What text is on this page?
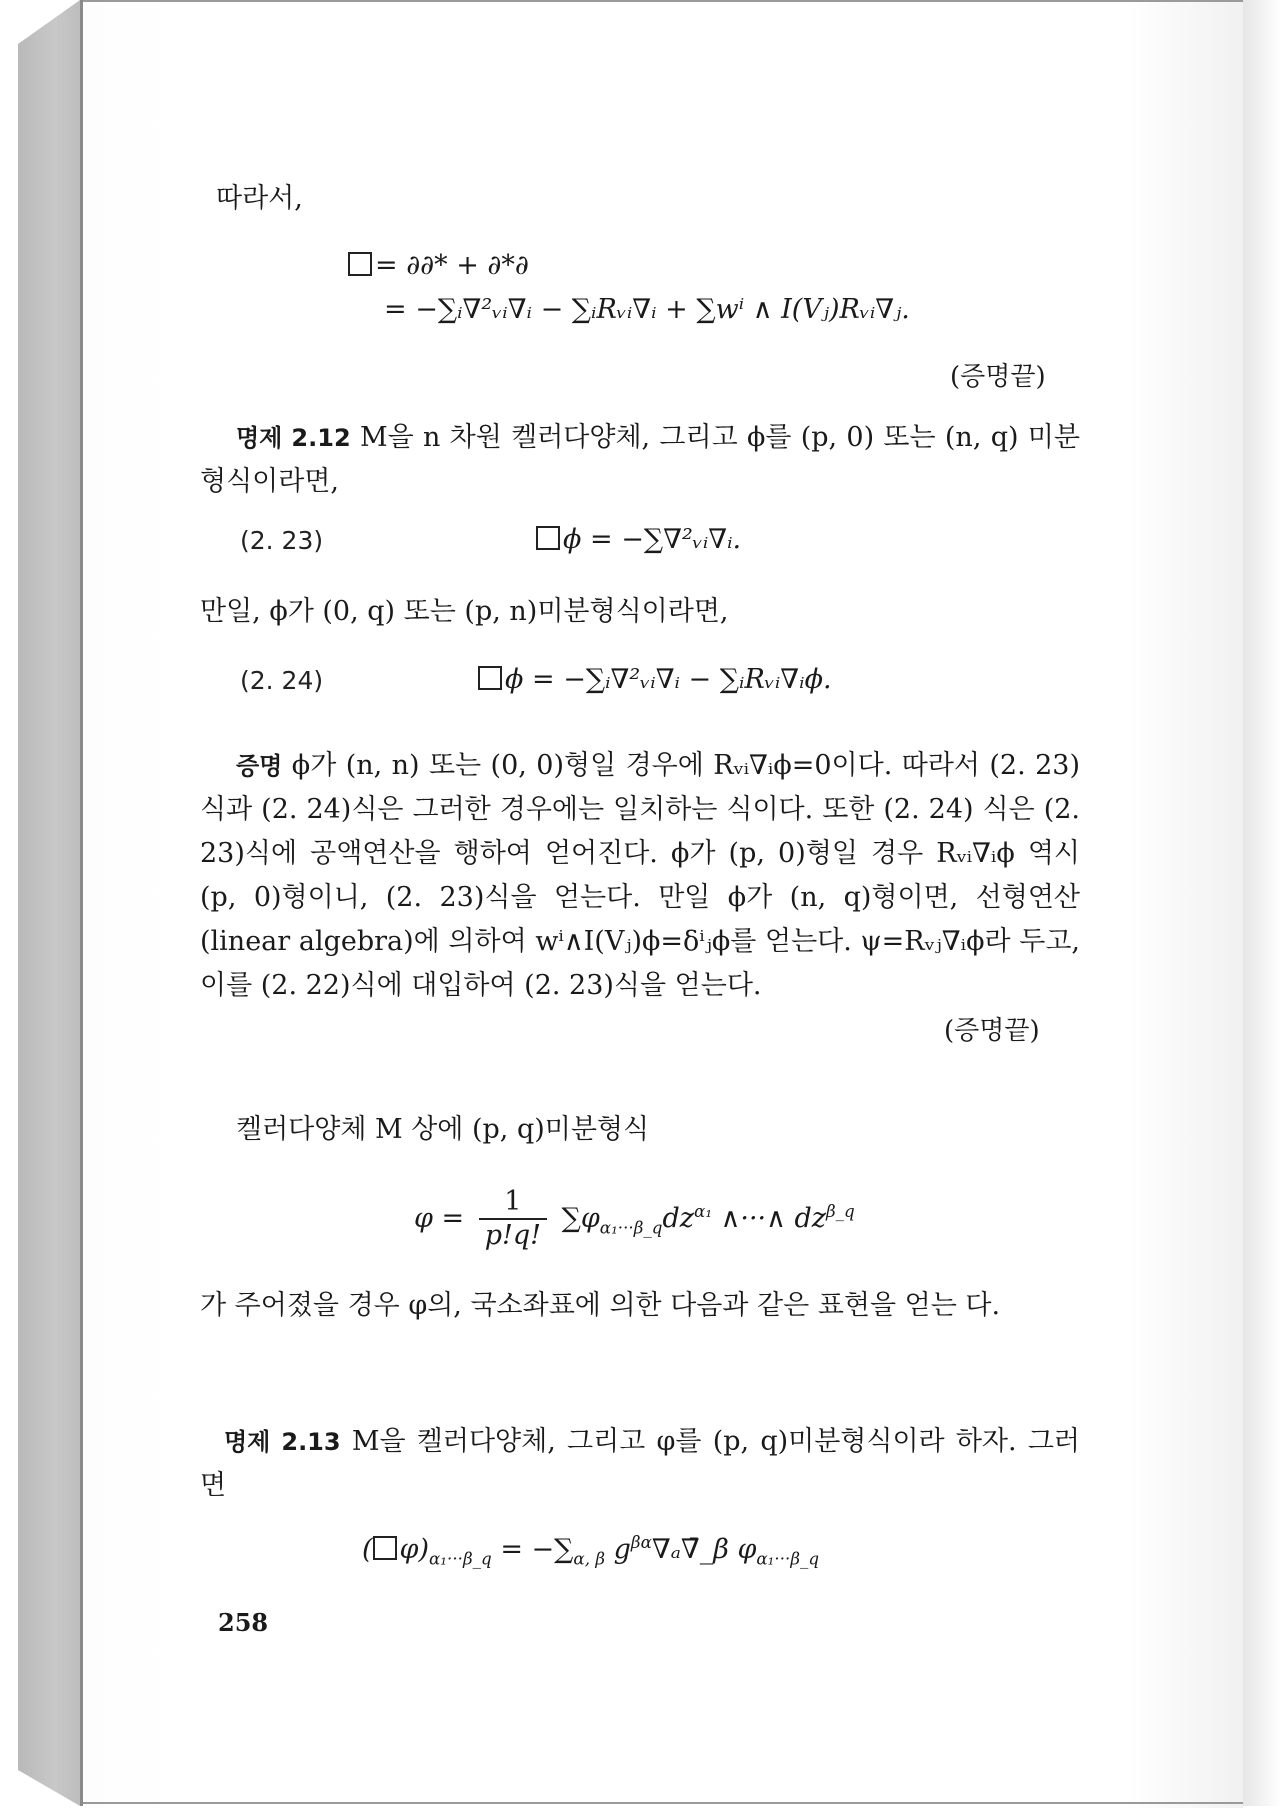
따라서,
= ∂∂* + ∂*∂
= −∑ᵢ∇²ᵥᵢ∇ᵢ − ∑ᵢRᵥᵢ∇ᵢ + ∑wⁱ ∧ I(Vⱼ)Rᵥᵢ∇ⱼ.
(증명끝)
명제 2.12 M을 n 차원 켈러다양체, 그리고 ϕ를 (p, 0) 또는 (n, q) 미분형식이라면,
(2. 23)	ϕ = −∑∇²ᵥᵢ∇ᵢ.
만일, ϕ가 (0, q) 또는 (p, n)미분형식이라면,
(2. 24)	ϕ = −∑ᵢ∇²ᵥᵢ∇ᵢ − ∑ᵢRᵥᵢ∇ᵢϕ.
증명 ϕ가 (n, n) 또는 (0, 0)형일 경우에 Rᵥᵢ∇ᵢϕ=0이다. 따라서 (2. 23)식과 (2. 24)식은 그러한 경우에는 일치하는 식이다. 또한 (2. 24) 식은 (2. 23)식에 공액연산을 행하여 얻어진다. ϕ가 (p, 0)형일 경우 Rᵥᵢ∇ᵢϕ 역시 (p, 0)형이니, (2. 23)식을 얻는다. 만일 ϕ가 (n, q)형이면, 선형연산(linear algebra)에 의하여 wⁱ∧I(Vⱼ)ϕ=δⁱⱼϕ를 얻는다. ψ=Rᵥⱼ∇ᵢϕ라 두고, 이를 (2. 22)식에 대입하여 (2. 23)식을 얻는다.
(증명끝)
켈러다양체 M 상에 (p, q)미분형식
$\varphi = \frac{1}{p!q!} \sum\varphi_{\alpha_1\cdot\cdot\cdot\beta\_q}dz^{\alpha_1}$ ∧···∧ $dz^{\beta\_q}$
가 주어졌을 경우 φ의, 국소좌표에 의한 다음과 같은 표현을 얻는 다.
명제 2.13 M을 켈러다양체, 그리고 φ를 (p, q)미분형식이라 하자. 그러면
( $\varphi)_{\alpha_1\cdot\cdot\cdot\beta\_q} = -\sum_{\alpha, \beta}$ $g^{\beta\alpha}\nabla_a\nablā\_\beta$ $\varphi_{\alpha_1\cdot\cdot\cdot\beta\_q}$
258
